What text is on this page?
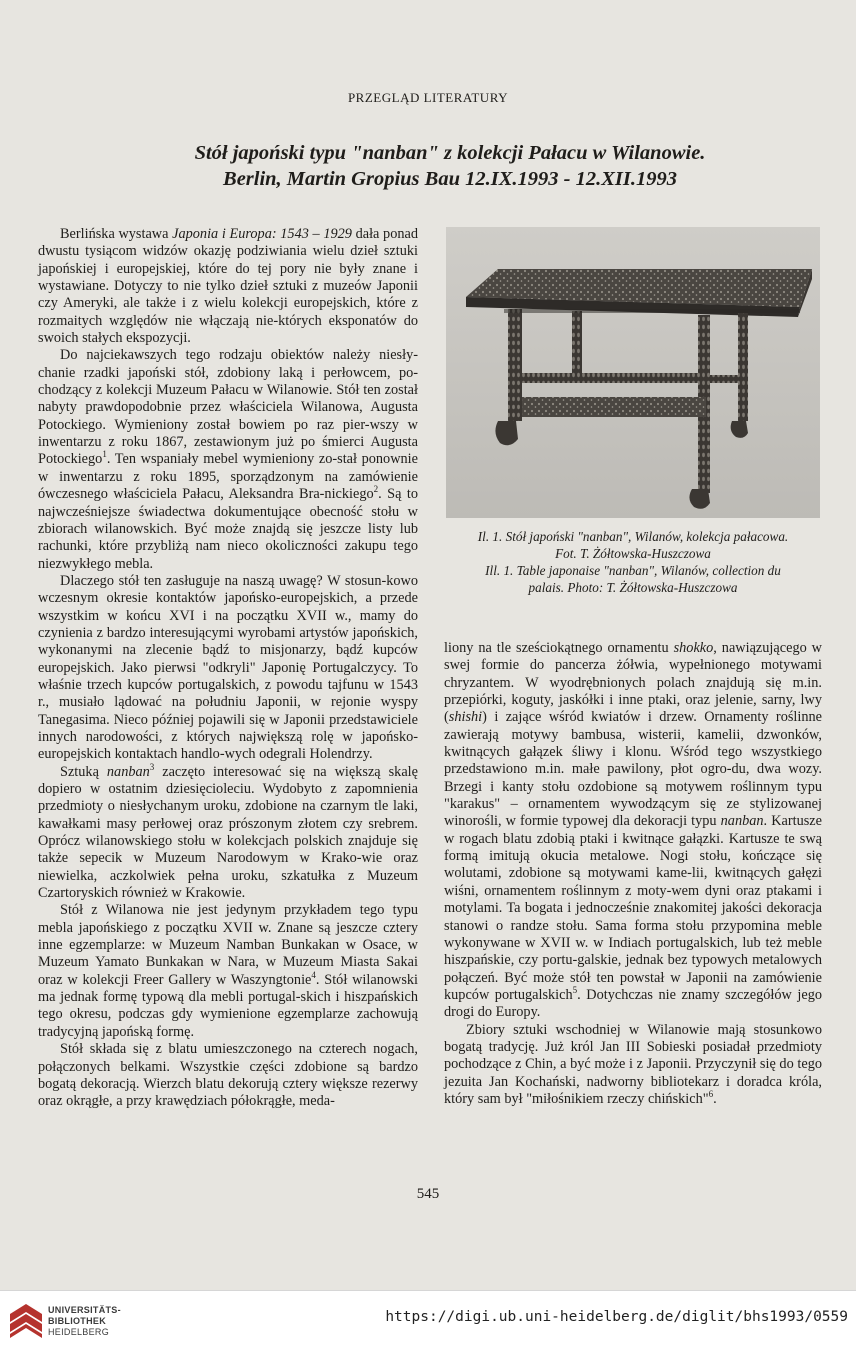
PRZEGLĄD LITERATURY
Stół japoński typu "nanban" z kolekcji Pałacu w Wilanowie.
Berlin, Martin Gropius Bau 12.IX.1993 - 12.XII.1993

Berlińska wystawa Japonia i Europa: 1543 – 1929 dała ponad dwustu tysiącom widzów okazję podziwiania wielu dzieł sztuki japońskiej i europejskiej, które do tej pory nie były znane i wystawiane. Dotyczy to nie tylko dzieł sztuki z muzeów Japonii czy Ameryki, ale także i z wielu kolekcji europejskich, które z rozmaitych względów nie włączają nie-których eksponatów do swoich stałych ekspozycji.

Do najciekawszych tego rodzaju obiektów należy niesły-chanie rzadki japoński stół, zdobiony laką i perłowcem, po-chodzący z kolekcji Muzeum Pałacu w Wilanowie. Stół ten został nabyty prawdopodobnie przez właściciela Wilanowa, Augusta Potockiego. Wymieniony został bowiem po raz pier-wszy w inwentarzu z roku 1867, zestawionym już po śmierci Augusta Potockiego$^1$. Ten wspaniały mebel wymieniony zo-stał ponownie w inwentarzu z roku 1895, sporządzonym na zamówienie ówczesnego właściciela Pałacu, Aleksandra Bra-nickiego$^2$. Są to najwcześniejsze świadectwa dokumentujące obecność stołu w zbiorach wilanowskich. Być może znajdą się jeszcze listy lub rachunki, które przybliżą nam nieco okoliczności zakupu tego niezwykłego mebla.

Dlaczego stół ten zasługuje na naszą uwagę? W stosun-kowo wczesnym okresie kontaktów japońsko-europejskich, a przede wszystkim w końcu XVI i na początku XVII w., mamy do czynienia z bardzo interesującymi wyrobami artystów japońskich, wykonanymi na zlecenie bądź to misjonarzy, bądź kupców europejskich. Jako pierwsi "odkryli" Japonię Portugalczycy. To właśnie trzech kupców portugalskich, z powodu tajfunu w 1543 r., musiało lądować na południu Japonii, w rejonie wyspy Tanegasima. Nieco później pojawili się w Japonii przedstawiciele innych narodowości, z których największą rolę w japońsko-europejskich kontaktach handlo-wych odegrali Holendrzy.

Sztuką nanban$^3$ zaczęto interesować się na większą skalę dopiero w ostatnim dziesięcioleciu. Wydobyto z zapomnienia przedmioty o niesłychanym uroku, zdobione na czarnym tle laki, kawałkami masy perłowej oraz prószonym złotem czy srebrem. Oprócz wilanowskiego stołu w kolekcjach polskich znajduje się także sepecik w Muzeum Narodowym w Krako-wie oraz niewielka, aczkolwiek pełna uroku, szkatułka z Muzeum Czartoryskich również w Krakowie.

Stół z Wilanowa nie jest jedynym przykładem tego typu mebla japońskiego z początku XVII w. Znane są jeszcze cztery inne egzemplarze: w Muzeum Namban Bunkakan w Osace, w Muzeum Yamato Bunkakan w Nara, w Muzeum Miasta Sakai oraz w kolekcji Freer Gallery w Waszyngtonie$^4$. Stół wilanowski ma jednak formę typową dla mebli portugal-skich i hiszpańskich tego okresu, podczas gdy wymienione egzemplarze zachowują tradycyjną japońską formę.

Stół składa się z blatu umieszczonego na czterech nogach, połączonych belkami. Wszystkie części zdobione są bardzo bogatą dekoracją. Wierzch blatu dekorują cztery większe rezerwy oraz okrągłe, a przy krawędziach półokrągłe, meda-

Il. 1. Stół japoński "nanban", Wilanów, kolekcja pałacowa.
Fot. T. Żółtowska-Huszczowa
Ill. 1. Table japonaise "nanban", Wilanów, collection du
palais. Photo: T. Żółtowska-Huszczowa

liony na tle sześciokątnego ornamentu shokko, nawiązującego w swej formie do pancerza żółwia, wypełnionego motywami chryzantem. W wyodrębnionych polach znajdują się m.in. przepiórki, koguty, jaskółki i inne ptaki, oraz jelenie, sarny, lwy (shishi) i zające wśród kwiatów i drzew. Ornamenty roślinne zawierają motywy bambusa, wisterii, kamelii, dzwonków, kwitnących gałązek śliwy i klonu. Wśród tego wszystkiego przedstawiono m.in. małe pawilony, płot ogro-du, dwa wozy. Brzegi i kanty stołu ozdobione są motywem roślinnym typu "karakus" – ornamentem wywodzącym się ze stylizowanej winorośli, w formie typowej dla dekoracji typu nanban. Kartusze w rogach blatu zdobią ptaki i kwitnące gałązki. Kartusze te swą formą imitują okucia metalowe. Nogi stołu, kończące się wolutami, zdobione są motywami kame-lii, kwitnących gałęzi wiśni, ornamentem roślinnym z moty-wem dyni oraz ptakami i motylami. Ta bogata i jednocześnie znakomitej jakości dekoracja stanowi o randze stołu. Sama forma stołu przypomina meble wykonywane w XVII w. w Indiach portugalskich, lub też meble hiszpańskie, czy portu-galskie, jednak bez typowych metalowych połączeń. Być może stół ten powstał w Japonii na zamówienie kupców portugalskich$^5$. Dotychczas nie znamy szczegółów jego drogi do Europy.

Zbiory sztuki wschodniej w Wilanowie mają stosunkowo bogatą tradycję. Już król Jan III Sobieski posiadał przedmioty pochodzące z Chin, a być może i z Japonii. Przyczynił się do tego jezuita Jan Kochański, nadworny bibliotekarz i doradca króla, który sam był "miłośnikiem rzeczy chińskich"$^6$.

545
UNIVERSITÄTS-
BIBLIOTHEK
HEIDELBERG
https://digi.ub.uni-heidelberg.de/diglit/bhs1993/0559
